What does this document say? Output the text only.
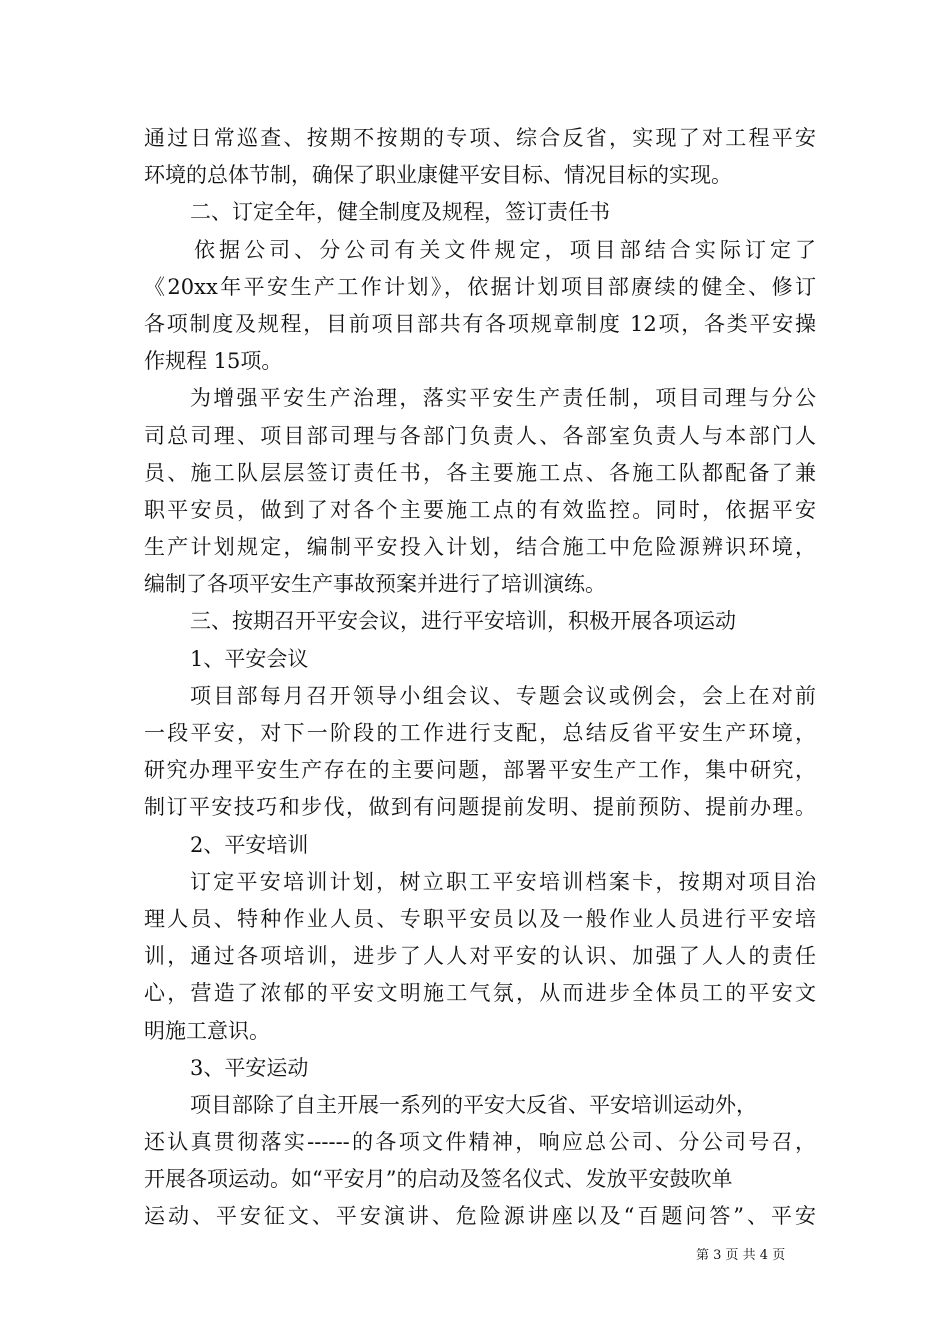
通过日常巡查、按期不按期的专项、综合反省，实现了对工程平安
环境的总体节制，确保了职业康健平安目标、情况目标的实现。
二、订定全年，健全制度及规程，签订责任书
依据公司、分公司有关文件规定，项目部结合实际订定了
《20xx年平安生产工作计划》，依据计划项目部赓续的健全、修订
各项制度及规程，目前项目部共有各项规章制度 12项，各类平安操
作规程 15项。
为增强平安生产治理，落实平安生产责任制，项目司理与分公
司总司理、项目部司理与各部门负责人、各部室负责人与本部门人
员、施工队层层签订责任书，各主要施工点、各施工队都配备了兼
职平安员，做到了对各个主要施工点的有效监控。同时，依据平安
生产计划规定，编制平安投入计划，结合施工中危险源辨识环境，
编制了各项平安生产事故预案并进行了培训演练。
三、按期召开平安会议，进行平安培训，积极开展各项运动
1、平安会议
项目部每月召开领导小组会议、专题会议或例会，会上在对前
一段平安，对下一阶段的工作进行支配，总结反省平安生产环境，
研究办理平安生产存在的主要问题，部署平安生产工作，集中研究，
制订平安技巧和步伐，做到有问题提前发明、提前预防、提前办理。
2、平安培训
订定平安培训计划，树立职工平安培训档案卡，按期对项目治
理人员、特种作业人员、专职平安员以及一般作业人员进行平安培
训，通过各项培训，进步了人人对平安的认识、加强了人人的责任
心，营造了浓郁的平安文明施工气氛，从而进步全体员工的平安文
明施工意识。
3、平安运动
项目部除了自主开展一系列的平安大反省、平安培训运动外，
还认真贯彻落实------的各项文件精神，响应总公司、分公司号召，
开展各项运动。如“平安月”的启动及签名仪式、发放平安鼓吹单
运动、平安征文、平安演讲、危险源讲座以及“百题问答”、平安
第 3 页 共 4 页
